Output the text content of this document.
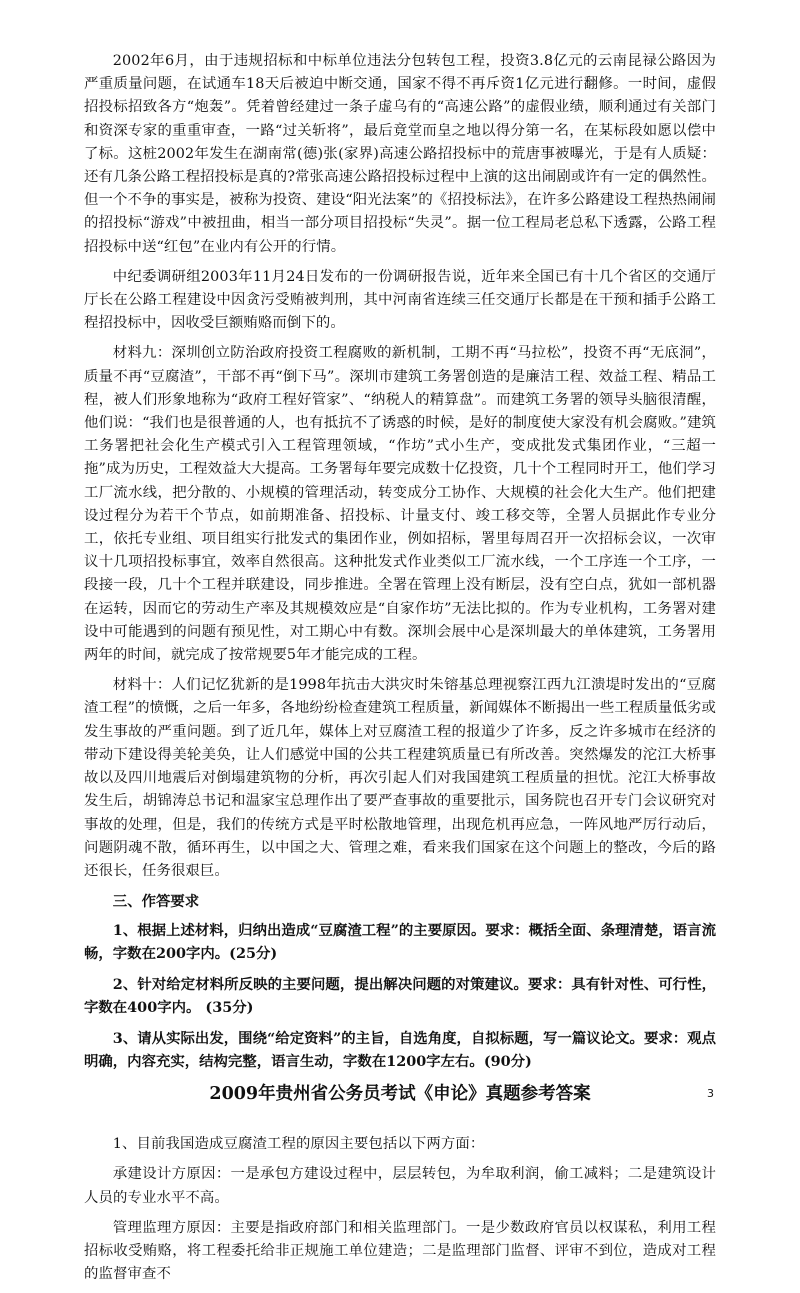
2002年6月，由于违规招标和中标单位违法分包转包工程，投资3.8亿元的云南昆禄公路因为严重质量问题，在试通车18天后被迫中断交通，国家不得不再斥资1亿元进行翻修。一时间，虚假招投标招致各方“炮轰”。凭着曾经建过一条子虚乌有的“高速公路”的虚假业绩，顺利通过有关部门和资深专家的重重审查，一路“过关斩将”，最后竟堂而皇之地以得分第一名，在某标段如愿以偿中了标。这桩2002年发生在湖南常(德)张(家界)高速公路招投标中的荒唐事被曝光，于是有人质疑：还有几条公路工程招投标是真的?常张高速公路招投标过程中上演的这出闹剧或许有一定的偶然性。但一个不争的事实是，被称为投资、建设“阳光法案”的《招投标法》，在许多公路建设工程热热闹闹的招投标“游戏”中被扭曲，相当一部分项目招投标“失灵”。据一位工程局老总私下透露，公路工程招投标中送“红包”在业内有公开的行情。

中纪委调研组2003年11月24日发布的一份调研报告说，近年来全国已有十几个省区的交通厅厅长在公路工程建设中因贪污受贿被判刑，其中河南省连续三任交通厅长都是在干预和插手公路工程招投标中，因收受巨额贿赂而倒下的。

材料九：深圳创立防治政府投资工程腐败的新机制，工期不再“马拉松”，投资不再“无底洞”，质量不再“豆腐渣”，干部不再“倒下马”。深圳市建筑工务署创造的是廉洁工程、效益工程、精品工程，被人们形象地称为“政府工程好管家”、“纳税人的精算盘”。而建筑工务署的领导头脑很清醒，他们说：“我们也是很普通的人，也有抵抗不了诱惑的时候，是好的制度使大家没有机会腐败。”建筑工务署把社会化生产模式引入工程管理领域，“作坊”式小生产，变成批发式集团作业，“三超一拖”成为历史，工程效益大大提高。工务署每年要完成数十亿投资，几十个工程同时开工，他们学习工厂流水线，把分散的、小规模的管理活动，转变成分工协作、大规模的社会化大生产。他们把建设过程分为若干个节点，如前期准备、招投标、计量支付、竣工移交等，全署人员据此作专业分工，依托专业组、项目组实行批发式的集团作业，例如招标，署里每周召开一次招标会议，一次审议十几项招投标事宜，效率自然很高。这种批发式作业类似工厂流水线，一个工序连一个工序，一段接一段，几十个工程并联建设，同步推进。全署在管理上没有断层，没有空白点，犹如一部机器在运转，因而它的劳动生产率及其规模效应是“自家作坊”无法比拟的。作为专业机构，工务署对建设中可能遇到的问题有预见性，对工期心中有数。深圳会展中心是深圳最大的单体建筑，工务署用两年的时间，就完成了按常规要5年才能完成的工程。

材料十：人们记忆犹新的是1998年抗击大洪灾时朱镕基总理视察江西九江溃堤时发出的“豆腐渣工程”的愤慨，之后一年多，各地纷纷检查建筑工程质量，新闻媒体不断揭出一些工程质量低劣或发生事故的严重问题。到了近几年，媒体上对豆腐渣工程的报道少了许多，反之许多城市在经济的带动下建设得美轮美奂，让人们感觉中国的公共工程建筑质量已有所改善。突然爆发的沱江大桥事故以及四川地震后对倒塌建筑物的分析，再次引起人们对我国建筑工程质量的担忧。沱江大桥事故发生后，胡锦涛总书记和温家宝总理作出了要严查事故的重要批示，国务院也召开专门会议研究对事故的处理，但是，我们的传统方式是平时松散地管理，出现危机再应急，一阵风地严厉行动后，问题阴魂不散，循环再生，以中国之大、管理之难，看来我们国家在这个问题上的整改，今后的路还很长，任务很艰巨。

三、作答要求

1、根据上述材料，归纳出造成“豆腐渣工程”的主要原因。要求：概括全面、条理清楚，语言流畅，字数在200字内。(25分)

2、针对给定材料所反映的主要问题，提出解决问题的对策建议。要求：具有针对性、可行性，字数在400字内。 (35分)

3、请从实际出发，围绕“给定资料”的主旨，自选角度，自拟标题，写一篇议论文。要求：观点明确，内容充实，结构完整，语言生动，字数在1200字左右。(90分)

2009年贵州省公务员考试《申论》真题参考答案

1、目前我国造成豆腐渣工程的原因主要包括以下两方面：

承建设计方原因：一是承包方建设过程中，层层转包，为牟取利润，偷工减料；二是建筑设计人员的专业水平不高。

管理监理方原因：主要是指政府部门和相关监理部门。一是少数政府官员以权谋私，利用工程招标收受贿赂，将工程委托给非正规施工单位建造；二是监理部门监督、评审不到位，造成对工程的监督审查不

3
